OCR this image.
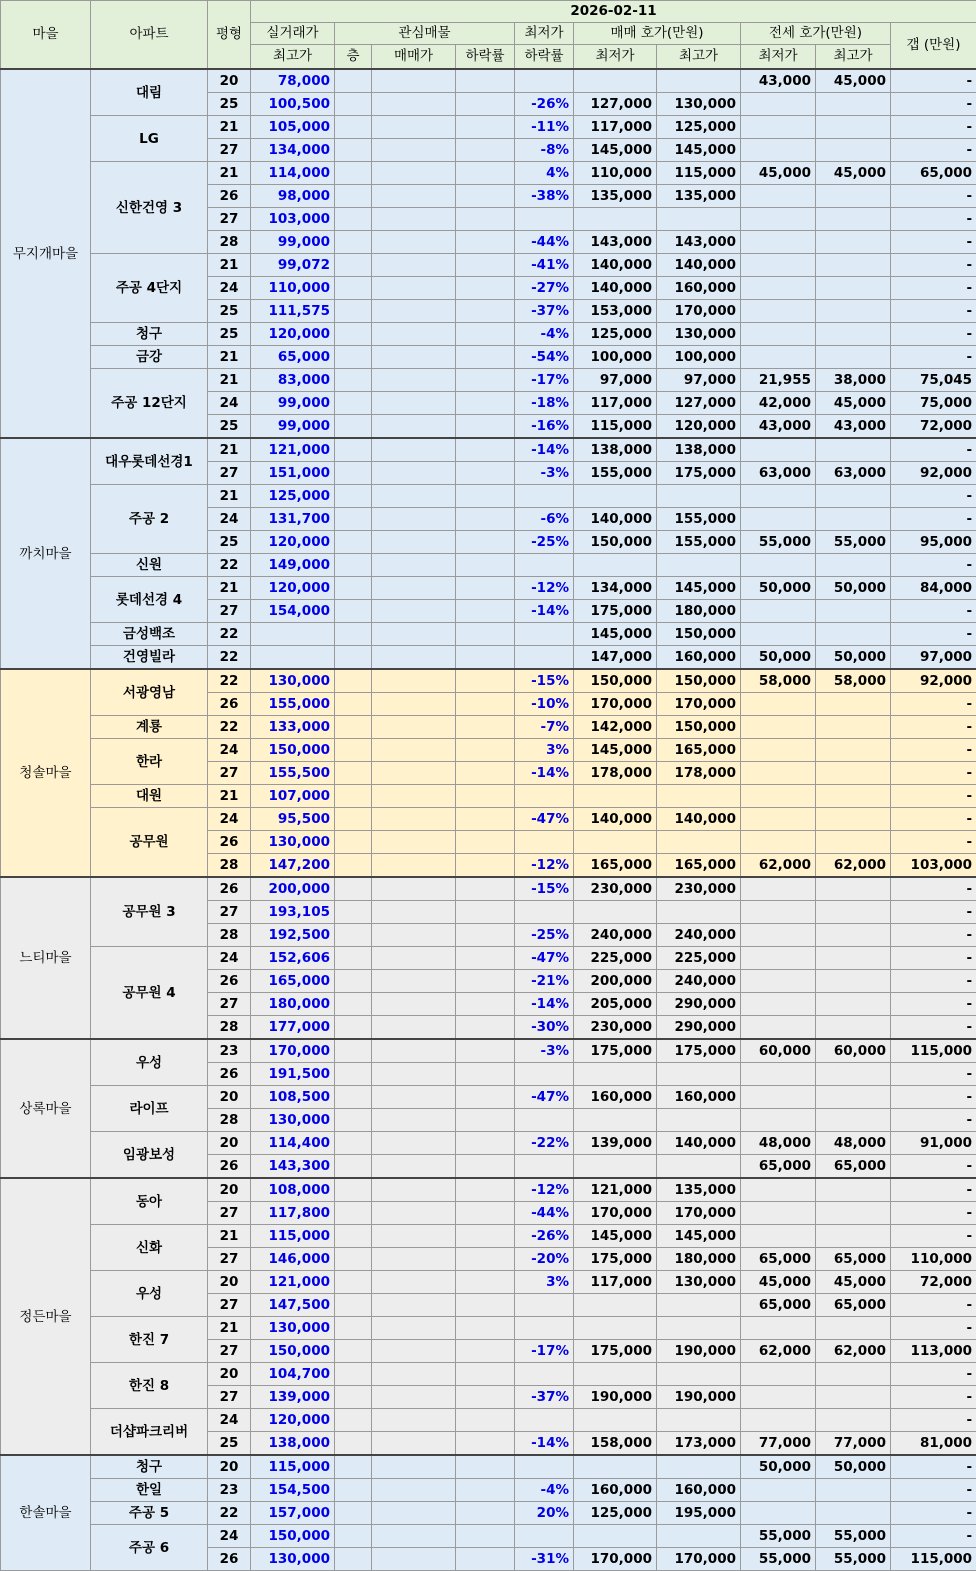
마을	아파트	평형	2026-02-11									
			실거래가	관심매물			최저가	매매 호가(만원)		전세 호가(만원)		갭 (만원)
			최고가	층	매매가	하락률	하락률	최저가	최고가	최저가	최고가	
무지개마을	대림	20	78,000							43,000	45,000	-
		25	100,500				-26%	127,000	130,000			-
	LG	21	105,000				-11%	117,000	125,000			-
		27	134,000				-8%	145,000	145,000			-
	신한건영 3	21	114,000				4%	110,000	115,000	45,000	45,000	65,000
		26	98,000				-38%	135,000	135,000			-
		27	103,000									-
		28	99,000				-44%	143,000	143,000			-
	주공 4단지	21	99,072				-41%	140,000	140,000			-
		24	110,000				-27%	140,000	160,000			-
		25	111,575				-37%	153,000	170,000			-
	청구	25	120,000				-4%	125,000	130,000			-
	금강	21	65,000				-54%	100,000	100,000			-
	주공 12단지	21	83,000				-17%	97,000	97,000	21,955	38,000	75,045
		24	99,000				-18%	117,000	127,000	42,000	45,000	75,000
		25	99,000				-16%	115,000	120,000	43,000	43,000	72,000
까치마을	대우롯데선경1	21	121,000				-14%	138,000	138,000			-
		27	151,000				-3%	155,000	175,000	63,000	63,000	92,000
	주공 2	21	125,000									-
		24	131,700				-6%	140,000	155,000			-
		25	120,000				-25%	150,000	155,000	55,000	55,000	95,000
	신원	22	149,000									-
	롯데선경 4	21	120,000				-12%	134,000	145,000	50,000	50,000	84,000
		27	154,000				-14%	175,000	180,000			-
	금성백조	22						145,000	150,000			-
	건영빌라	22						147,000	160,000	50,000	50,000	97,000
청솔마을	서광영남	22	130,000				-15%	150,000	150,000	58,000	58,000	92,000
		26	155,000				-10%	170,000	170,000			-
	계룡	22	133,000				-7%	142,000	150,000			-
	한라	24	150,000				3%	145,000	165,000			-
		27	155,500				-14%	178,000	178,000			-
	대원	21	107,000									-
	공무원	24	95,500				-47%	140,000	140,000			-
		26	130,000									-
		28	147,200				-12%	165,000	165,000	62,000	62,000	103,000
느티마을	공무원 3	26	200,000				-15%	230,000	230,000			-
		27	193,105									-
		28	192,500				-25%	240,000	240,000			-
	공무원 4	24	152,606				-47%	225,000	225,000			-
		26	165,000				-21%	200,000	240,000			-
		27	180,000				-14%	205,000	290,000			-
		28	177,000				-30%	230,000	290,000			-
상록마을	우성	23	170,000				-3%	175,000	175,000	60,000	60,000	115,000
		26	191,500									-
	라이프	20	108,500				-47%	160,000	160,000			-
		28	130,000									-
	임광보성	20	114,400				-22%	139,000	140,000	48,000	48,000	91,000
		26	143,300							65,000	65,000	-
정든마을	동아	20	108,000				-12%	121,000	135,000			-
		27	117,800				-44%	170,000	170,000			-
	신화	21	115,000				-26%	145,000	145,000			-
		27	146,000				-20%	175,000	180,000	65,000	65,000	110,000
	우성	20	121,000				3%	117,000	130,000	45,000	45,000	72,000
		27	147,500							65,000	65,000	-
	한진 7	21	130,000									-
		27	150,000				-17%	175,000	190,000	62,000	62,000	113,000
	한진 8	20	104,700									-
		27	139,000				-37%	190,000	190,000			-
	더샵파크리버	24	120,000									-
		25	138,000				-14%	158,000	173,000	77,000	77,000	81,000
한솔마을	청구	20	115,000							50,000	50,000	-
	한일	23	154,500				-4%	160,000	160,000			-
	주공 5	22	157,000				20%	125,000	195,000			-
	주공 6	24	150,000							55,000	55,000	-
		26	130,000				-31%	170,000	170,000	55,000	55,000	115,000
